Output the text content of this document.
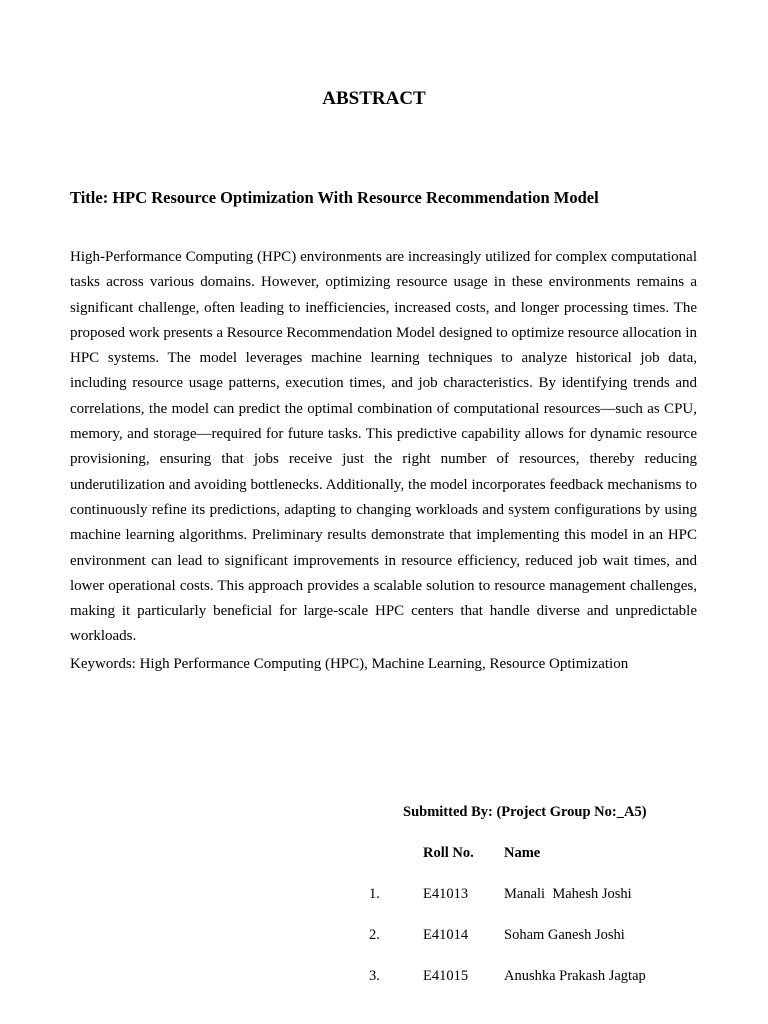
ABSTRACT
Title: HPC Resource Optimization With Resource Recommendation Model

High-Performance Computing (HPC) environments are increasingly utilized for complex computational tasks across various domains. However, optimizing resource usage in these environments remains a significant challenge, often leading to inefficiencies, increased costs, and longer processing times. The proposed work presents a Resource Recommendation Model designed to optimize resource allocation in HPC systems. The model leverages machine learning techniques to analyze historical job data, including resource usage patterns, execution times, and job characteristics. By identifying trends and correlations, the model can predict the optimal combination of computational resources—such as CPU, memory, and storage—required for future tasks. This predictive capability allows for dynamic resource provisioning, ensuring that jobs receive just the right number of resources, thereby reducing underutilization and avoiding bottlenecks. Additionally, the model incorporates feedback mechanisms to continuously refine its predictions, adapting to changing workloads and system configurations by using machine learning algorithms. Preliminary results demonstrate that implementing this model in an HPC environment can lead to significant improvements in resource efficiency, reduced job wait times, and lower operational costs. This approach provides a scalable solution to resource management challenges, making it particularly beneficial for large-scale HPC centers that handle diverse and unpredictable workloads.

Keywords: High Performance Computing (HPC), Machine Learning, Resource Optimization

Submitted By: (Project Group No:_A5)

Roll No. Name
1.	E41013 Manali  Mahesh Joshi
2.	E41014 Soham Ganesh Joshi
3.	E41015 Anushka Prakash Jagtap
